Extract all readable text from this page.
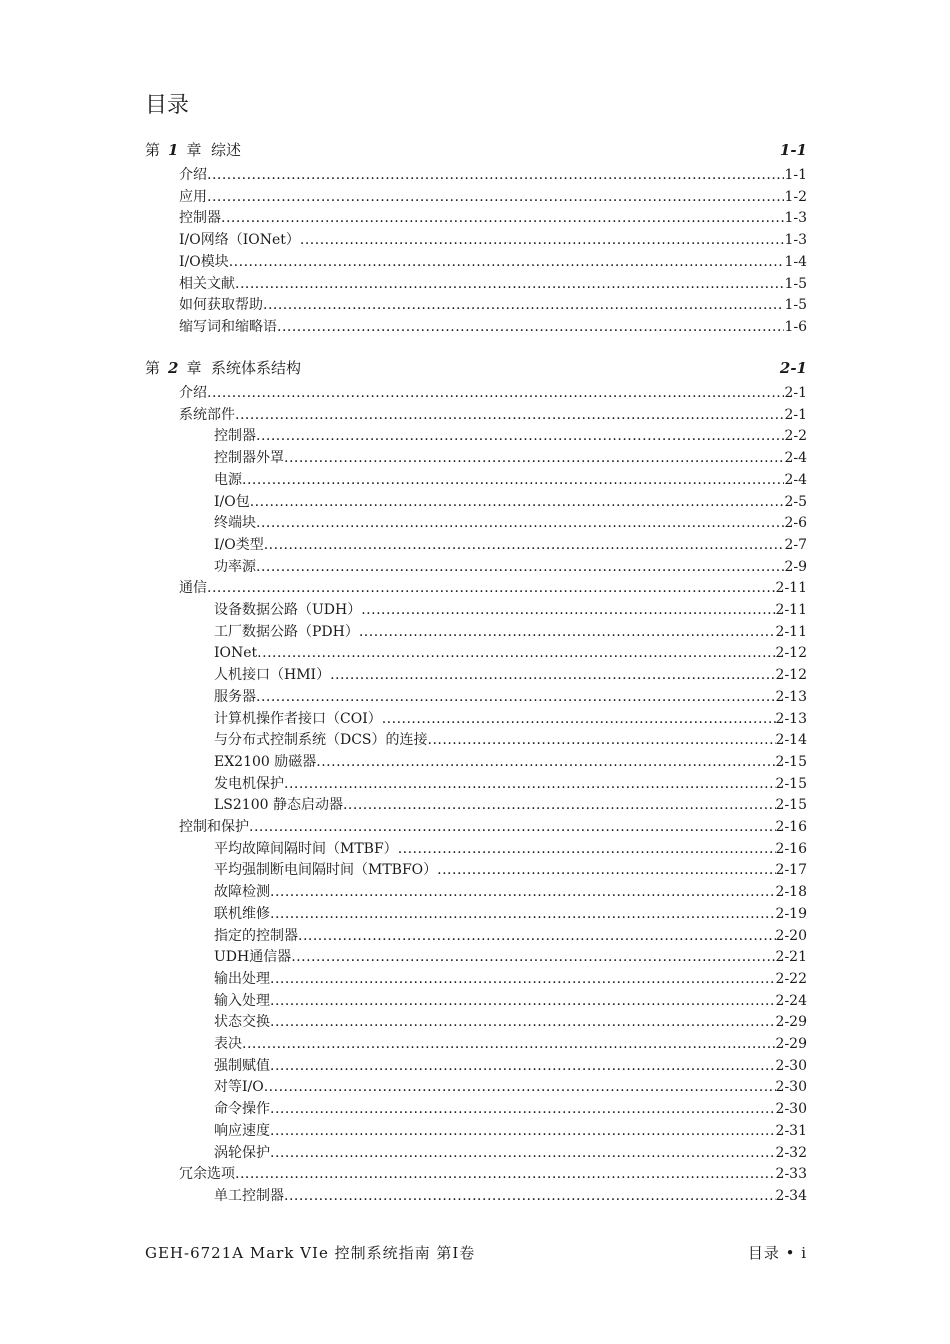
目录
第 1 章  综述	1-1
介绍 .....	1-1
应用 .....	1-2
控制器 .....	1-3
I/O网络（IONet） .....	1-3
I/O模块 .....	1-4
相关文献 .....	1-5
如何获取帮助 .....	1-5
缩写词和缩略语 .....	1-6
第 2 章  系统体系结构	2-1
介绍 .....	2-1
系统部件 .....	2-1
控制器 .....	2-2
控制器外罩 .....	2-4
电源 .....	2-4
I/O包 .....	2-5
终端块 .....	2-6
I/O类型 .....	2-7
功率源 .....	2-9
通信 .....	2-11
设备数据公路（UDH） .....	2-11
工厂数据公路（PDH） .....	2-11
IONet .....	2-12
人机接口（HMI） .....	2-12
服务器 .....	2-13
计算机操作者接口（COI） .....	2-13
与分布式控制系统（DCS）的连接 .....	2-14
EX2100 励磁器 .....	2-15
发电机保护 .....	2-15
LS2100 静态启动器 .....	2-15
控制和保护 .....	2-16
平均故障间隔时间（MTBF） .....	2-16
平均强制断电间隔时间（MTBFO） .....	2-17
故障检测 .....	2-18
联机维修 .....	2-19
指定的控制器 .....	2-20
UDH通信器 .....	2-21
输出处理 .....	2-22
输入处理 .....	2-24
状态交换 .....	2-29
表决 .....	2-29
强制赋值 .....	2-30
对等I/O .....	2-30
命令操作 .....	2-30
响应速度 .....	2-31
涡轮保护 .....	2-32
冗余选项 .....	2-33
单工控制器 .....	2-34
GEH-6721A Mark VIe 控制系统指南 第I卷	目录 • i
